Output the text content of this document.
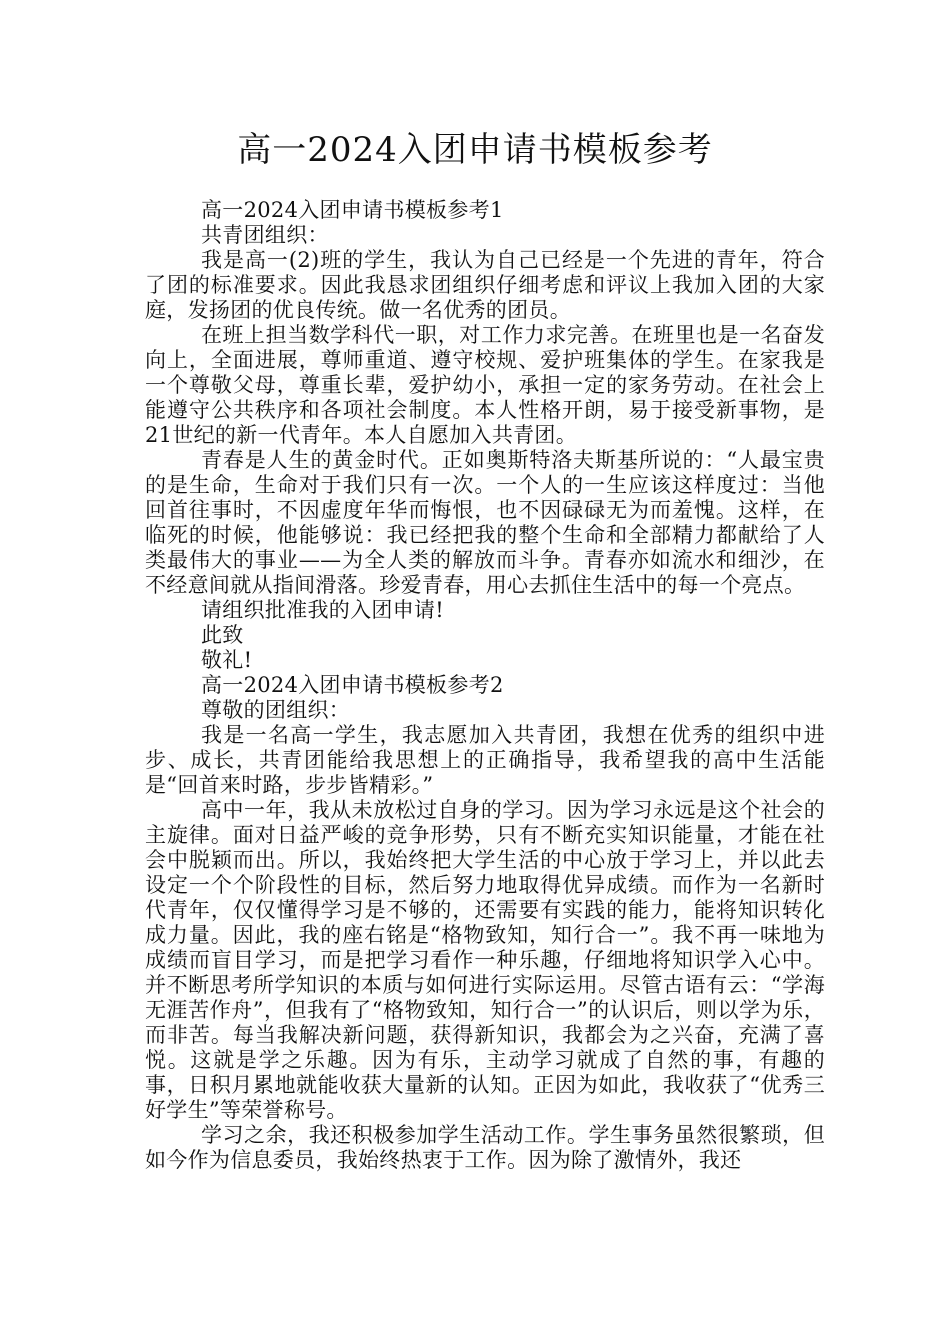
高一2024入团申请书模板参考

高一2024入团申请书模板参考1

共青团组织：

我是高一(2)班的学生，我认为自己已经是一个先进的青年，符合了团的标准要求。因此我恳求团组织仔细考虑和评议上我加入团的大家庭，发扬团的优良传统。做一名优秀的团员。

在班上担当数学科代一职，对工作力求完善。在班里也是一名奋发向上，全面进展，尊师重道、遵守校规、爱护班集体的学生。在家我是一个尊敬父母，尊重长辈，爱护幼小，承担一定的家务劳动。在社会上能遵守公共秩序和各项社会制度。本人性格开朗，易于接受新事物，是21世纪的新一代青年。本人自愿加入共青团。

青春是人生的黄金时代。正如奥斯特洛夫斯基所说的：“人最宝贵的是生命，生命对于我们只有一次。一个人的一生应该这样度过：当他回首往事时，不因虚度年华而悔恨，也不因碌碌无为而羞愧。这样，在临死的时候，他能够说：我已经把我的整个生命和全部精力都献给了人类最伟大的事业——为全人类的解放而斗争。青春亦如流水和细沙，在不经意间就从指间滑落。珍爱青春，用心去抓住生活中的每一个亮点。

请组织批准我的入团申请!

此致

敬礼!

高一2024入团申请书模板参考2

尊敬的团组织：

我是一名高一学生，我志愿加入共青团，我想在优秀的组织中进步、成长，共青团能给我思想上的正确指导，我希望我的高中生活能是“回首来时路，步步皆精彩。”

高中一年，我从未放松过自身的学习。因为学习永远是这个社会的主旋律。面对日益严峻的竞争形势，只有不断充实知识能量，才能在社会中脱颖而出。所以，我始终把大学生活的中心放于学习上，并以此去设定一个个阶段性的目标，然后努力地取得优异成绩。而作为一名新时代青年，仅仅懂得学习是不够的，还需要有实践的能力，能将知识转化成力量。因此，我的座右铭是“格物致知，知行合一”。我不再一味地为成绩而盲目学习，而是把学习看作一种乐趣，仔细地将知识学入心中。并不断思考所学知识的本质与如何进行实际运用。尽管古语有云：“学海无涯苦作舟”，但我有了“格物致知，知行合一”的认识后，则以学为乐，而非苦。每当我解决新问题，获得新知识，我都会为之兴奋，充满了喜悦。这就是学之乐趣。因为有乐，主动学习就成了自然的事，有趣的事，日积月累地就能收获大量新的认知。正因为如此，我收获了“优秀三好学生”等荣誉称号。

学习之余，我还积极参加学生活动工作。学生事务虽然很繁琐，但如今作为信息委员，我始终热衷于工作。因为除了激情外，我还
